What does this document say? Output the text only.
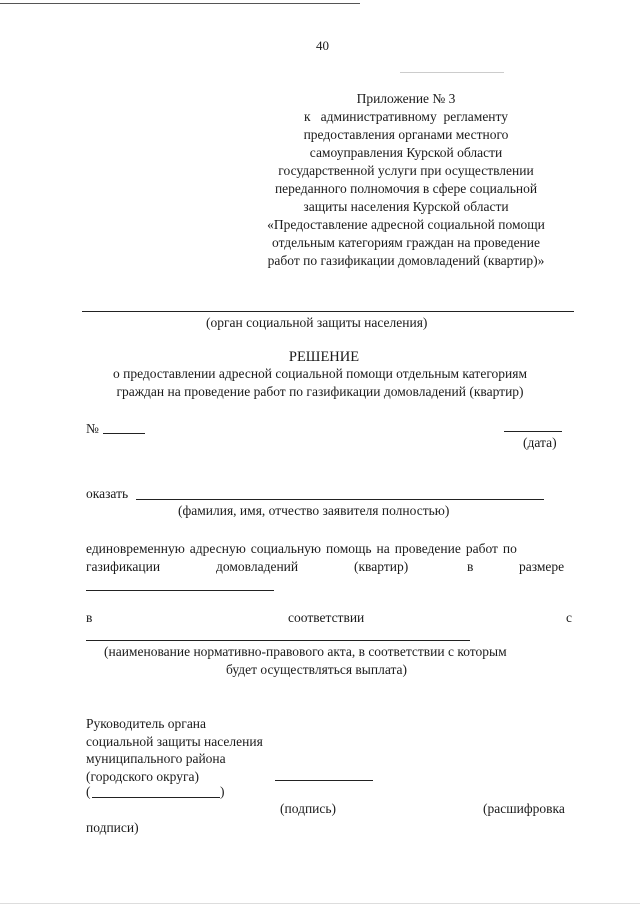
40
Приложение № 3
к   административному  регламенту
предоставления органами местного
самоуправления Курской области
государственной услуги при осуществлении
переданного полномочия в сфере социальной
защиты населения Курской области
«Предоставление адресной социальной помощи
отдельным категориям граждан на проведение
работ по газификации домовладений (квартир)»
(орган социальной защиты населения)
РЕШЕНИЕ
о предоставлении адресной социальной помощи отдельным категориям
граждан на проведение работ по газификации домовладений (квартир)
№
(дата)
оказать
(фамилия, имя, отчество заявителя полностью)
единовременную адресную социальную помощь на проведение работ по
газификации	домовладений	(квартир)	в	размере
в	соответствии	с
(наименование нормативно-правового акта, в соответствии с которым
будет осуществляться выплата)
Руководитель органа
социальной защиты населения
муниципального района
(городского округа)
(	)
(подпись)	(расшифровка
подписи)
